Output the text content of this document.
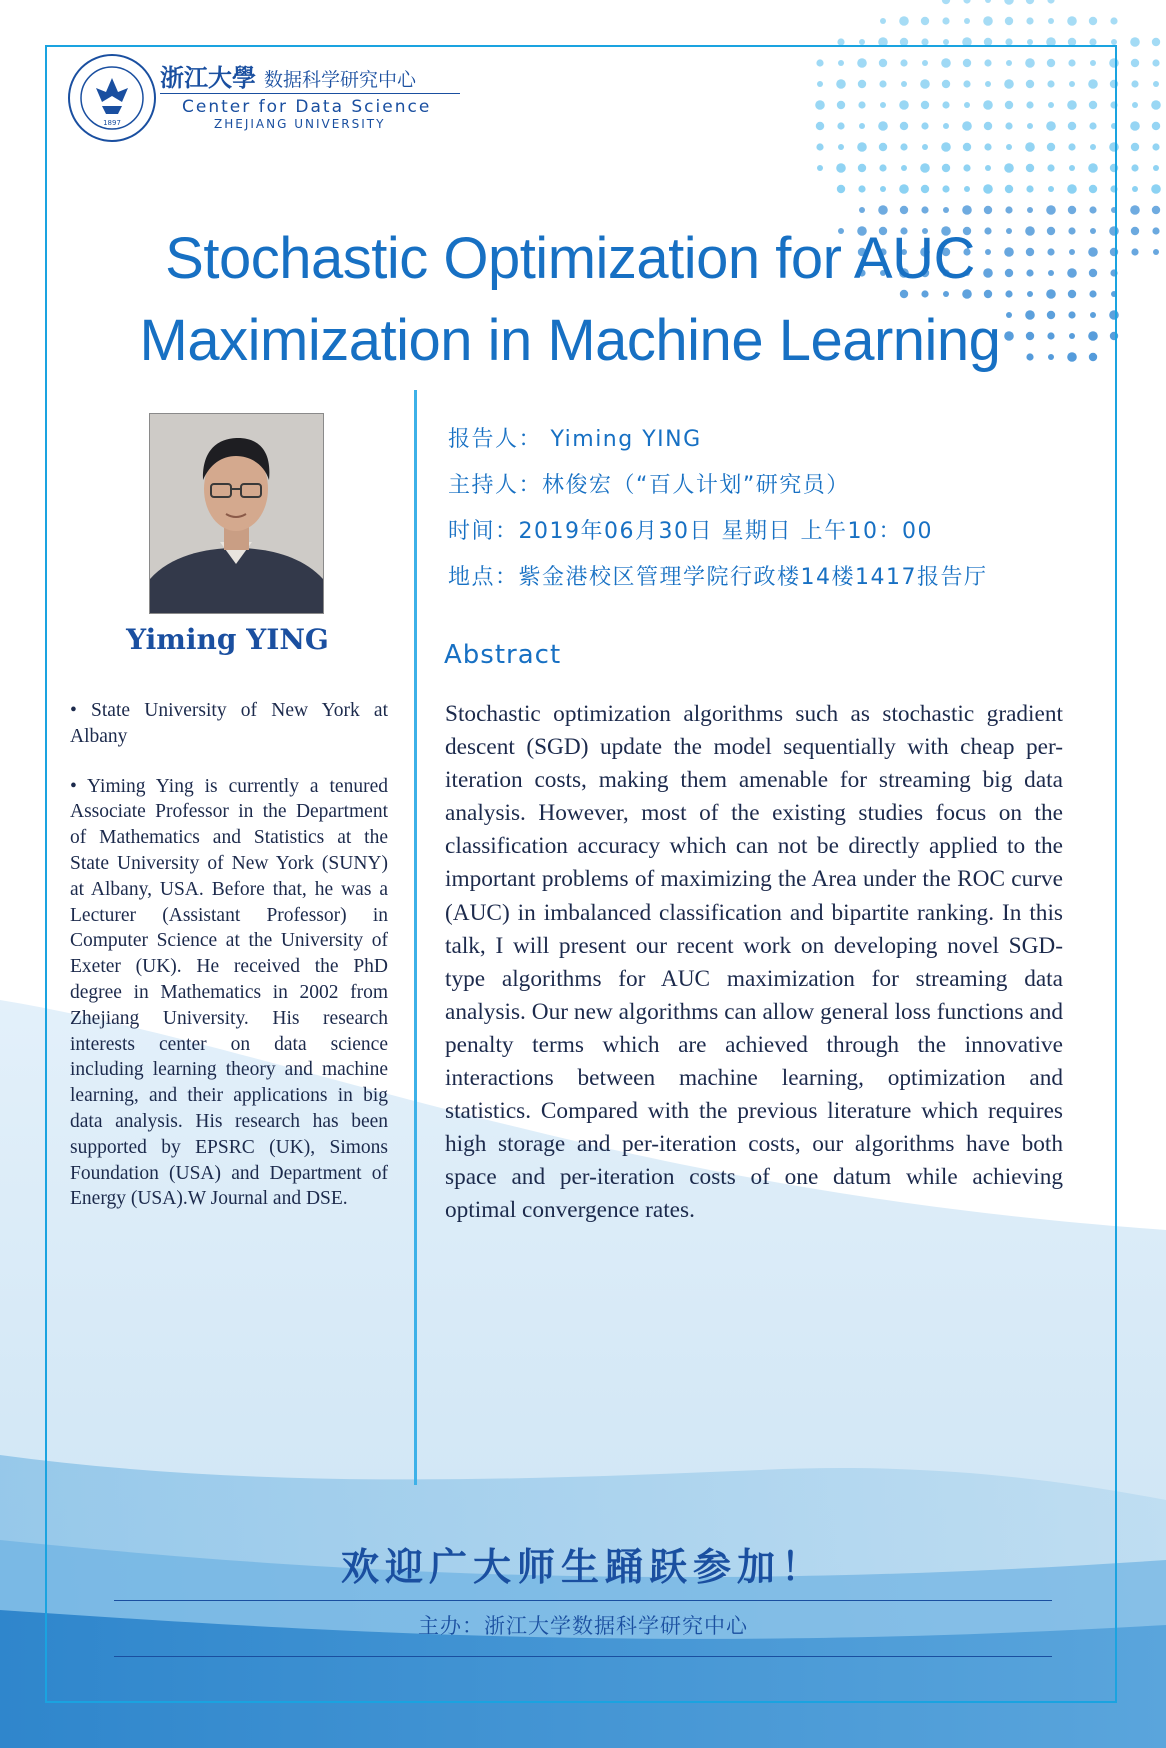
1897
浙江大學 数据科学研究中心
Center for Data Science
ZHEJIANG UNIVERSITY
Stochastic Optimization for AUC
Maximization in Machine Learning
Yiming YING

• State University of New York at Albany

• Yiming Ying is currently a tenured Associate Professor in the Department of Mathematics and Statistics at the State University of New York (SUNY) at Albany, USA. Before that, he was a Lecturer (Assistant Professor) in Computer Science at the University of Exeter (UK). He received the PhD degree in Mathematics in 2002 from Zhejiang University. His research interests center on data science including learning theory and machine learning, and their applications in big data analysis. His research has been supported by EPSRC (UK), Simons Foundation (USA) and Department of Energy (USA).W Journal and DSE.

报告人： Yiming YING
主持人：林俊宏（“百人计划”研究员）
时间：2019年06月30日 星期日 上午10：00
地点：紫金港校区管理学院行政楼14楼1417报告厅
Abstract

Stochastic optimization algorithms such as stochastic gradient descent (SGD) update the model sequentially with cheap per-iteration costs, making them amenable for streaming big data analysis. However, most of the existing studies focus on the classification accuracy which can not be directly applied to the important problems of maximizing the Area under the ROC curve (AUC) in imbalanced classification and bipartite ranking. In this talk, I will present our recent work on developing novel SGD-type algorithms for AUC maximization for streaming data analysis. Our new algorithms can allow general loss functions and penalty terms which are achieved through the innovative interactions between machine learning, optimization and statistics. Compared with the previous literature which requires high storage and per-iteration costs, our algorithms have both space and per-iteration costs of one datum while achieving optimal convergence rates.

欢迎广大师生踊跃参加！
主办：浙江大学数据科学研究中心
